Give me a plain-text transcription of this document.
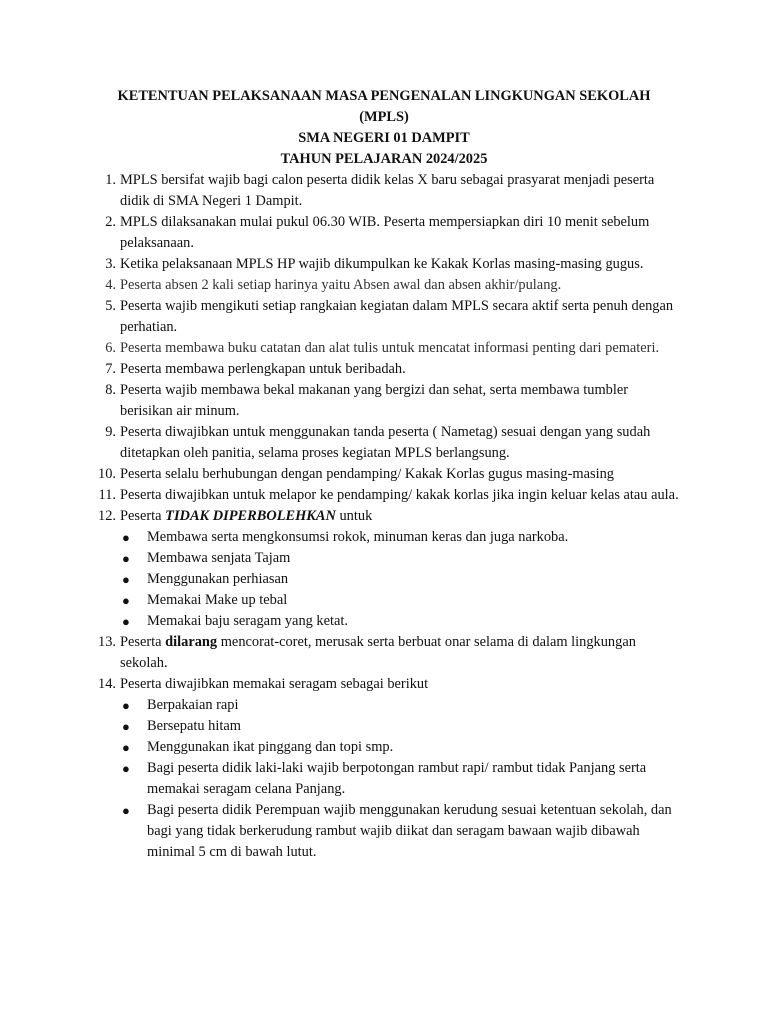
KETENTUAN PELAKSANAAN MASA PENGENALAN LINGKUNGAN SEKOLAH
(MPLS)
SMA NEGERI 01 DAMPIT
TAHUN PELAJARAN 2024/2025
1. MPLS bersifat wajib bagi calon peserta didik kelas X baru sebagai prasyarat menjadi peserta didik di SMA Negeri 1 Dampit.
2. MPLS dilaksanakan mulai pukul 06.30 WIB. Peserta mempersiapkan diri 10 menit sebelum pelaksanaan.
3. Ketika pelaksanaan MPLS HP wajib dikumpulkan ke Kakak Korlas masing-masing gugus.
4. Peserta absen 2 kali setiap harinya yaitu Absen awal dan absen akhir/pulang.
5. Peserta wajib mengikuti setiap rangkaian kegiatan dalam MPLS secara aktif serta penuh dengan perhatian.
6. Peserta membawa buku catatan dan alat tulis untuk mencatat informasi penting dari pemateri.
7. Peserta membawa perlengkapan untuk beribadah.
8. Peserta wajib membawa bekal makanan yang bergizi dan sehat, serta membawa tumbler berisikan air minum.
9. Peserta diwajibkan untuk menggunakan tanda peserta ( Nametag) sesuai dengan yang sudah ditetapkan oleh panitia, selama proses kegiatan MPLS berlangsung.
10. Peserta selalu berhubungan dengan pendamping/ Kakak Korlas gugus masing-masing
11. Peserta diwajibkan untuk melapor ke pendamping/ kakak korlas jika ingin keluar kelas atau aula.
12. Peserta TIDAK DIPERBOLEHKAN untuk
● Membawa serta mengkonsumsi rokok, minuman keras dan juga narkoba.
● Membawa senjata Tajam
● Menggunakan perhiasan
● Memakai Make up tebal
● Memakai baju seragam yang ketat.
13. Peserta dilarang mencorat-coret, merusak serta berbuat onar selama di dalam lingkungan sekolah.
14. Peserta diwajibkan memakai seragam sebagai berikut
● Berpakaian rapi
● Bersepatu hitam
● Menggunakan ikat pinggang dan topi smp.
● Bagi peserta didik laki-laki wajib berpotongan rambut rapi/ rambut tidak Panjang serta memakai seragam celana Panjang.
● Bagi peserta didik Perempuan wajib menggunakan kerudung sesuai ketentuan sekolah, dan bagi yang tidak berkerudung rambut wajib diikat dan seragam bawaan wajib dibawah minimal 5 cm di bawah lutut.
